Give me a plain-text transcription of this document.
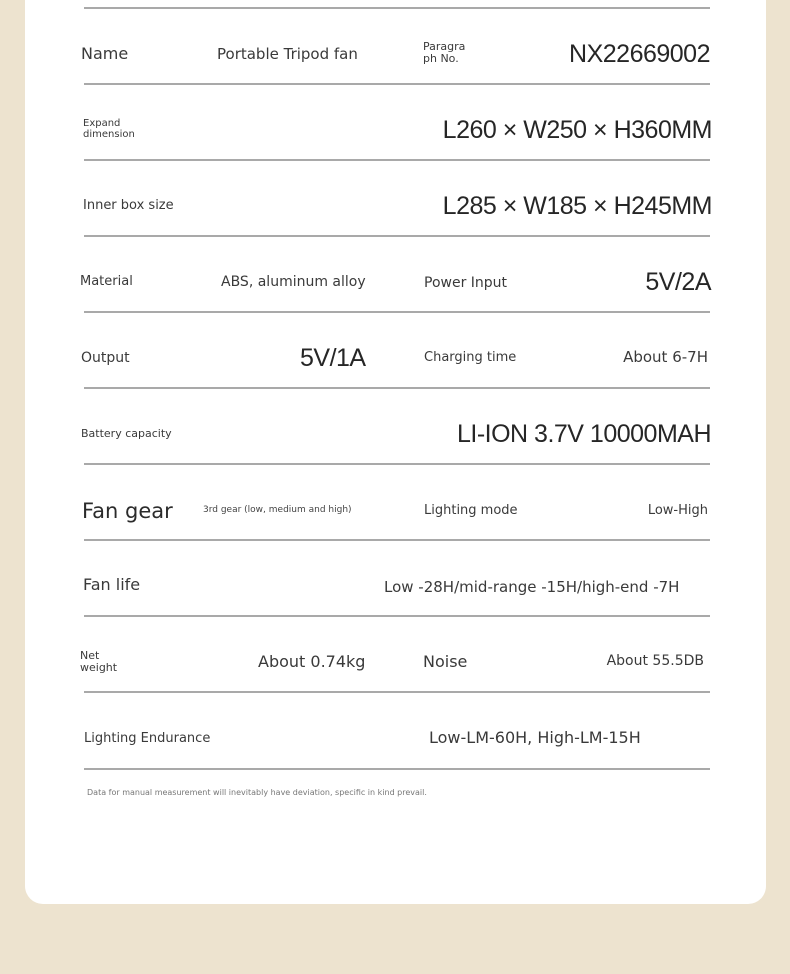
Name	Portable Tripod fan	Paragra ph No.	NX22669002
Expand dimension	L260 × W250 × H360MM
Inner box size	L285 × W185 × H245MM
Material	ABS, aluminum alloy	Power Input	5V/2A
Output	5V/1A	Charging time	About 6-7H
Battery capacity	LI-ION 3.7V 10000MAH
Fan gear	3rd gear (low, medium and high)	Lighting mode	Low-High
Fan life	Low -28H/mid-range -15H/high-end -7H
Net weight	About 0.74kg	Noise	About 55.5DB
Lighting Endurance	Low-LM-60H, High-LM-15H
Data for manual measurement will inevitably have deviation, specific in kind prevail.
